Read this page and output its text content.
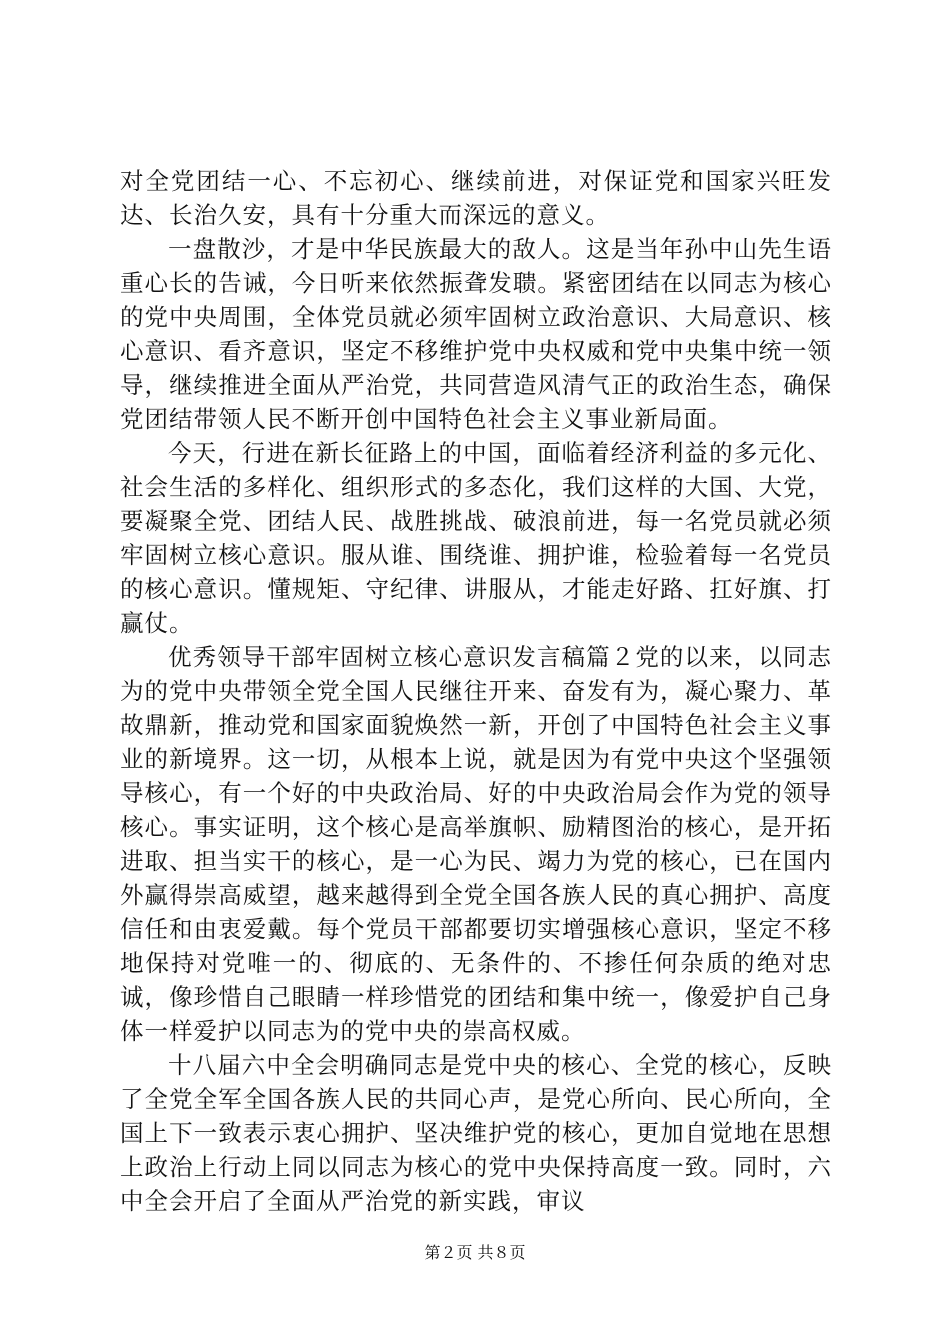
对全党团结一心、不忘初心、继续前进，对保证党和国家兴旺发达、长治久安，具有十分重大而深远的意义。

一盘散沙，才是中华民族最大的敌人。这是当年孙中山先生语重心长的告诫，今日听来依然振聋发聩。紧密团结在以同志为核心的党中央周围，全体党员就必须牢固树立政治意识、大局意识、核心意识、看齐意识，坚定不移维护党中央权威和党中央集中统一领导，继续推进全面从严治党，共同营造风清气正的政治生态，确保党团结带领人民不断开创中国特色社会主义事业新局面。

今天，行进在新长征路上的中国，面临着经济利益的多元化、社会生活的多样化、组织形式的多态化，我们这样的大国、大党，要凝聚全党、团结人民、战胜挑战、破浪前进，每一名党员就必须牢固树立核心意识。服从谁、围绕谁、拥护谁，检验着每一名党员的核心意识。懂规矩、守纪律、讲服从，才能走好路、扛好旗、打赢仗。

优秀领导干部牢固树立核心意识发言稿篇２党的以来，以同志为的党中央带领全党全国人民继往开来、奋发有为，凝心聚力、革故鼎新，推动党和国家面貌焕然一新，开创了中国特色社会主义事业的新境界。这一切，从根本上说，就是因为有党中央这个坚强领导核心，有一个好的中央政治局、好的中央政治局会作为党的领导核心。事实证明，这个核心是高举旗帜、励精图治的核心，是开拓进取、担当实干的核心，是一心为民、竭力为党的核心，已在国内外赢得崇高威望，越来越得到全党全国各族人民的真心拥护、高度信任和由衷爱戴。每个党员干部都要切实增强核心意识，坚定不移地保持对党唯一的、彻底的、无条件的、不掺任何杂质的绝对忠诚，像珍惜自己眼睛一样珍惜党的团结和集中统一，像爱护自己身体一样爱护以同志为的党中央的崇高权威。

十八届六中全会明确同志是党中央的核心、全党的核心，反映了全党全军全国各族人民的共同心声，是党心所向、民心所向，全国上下一致表示衷心拥护、坚决维护党的核心，更加自觉地在思想上政治上行动上同以同志为核心的党中央保持高度一致。同时，六中全会开启了全面从严治党的新实践，审议

第２页 共８页
